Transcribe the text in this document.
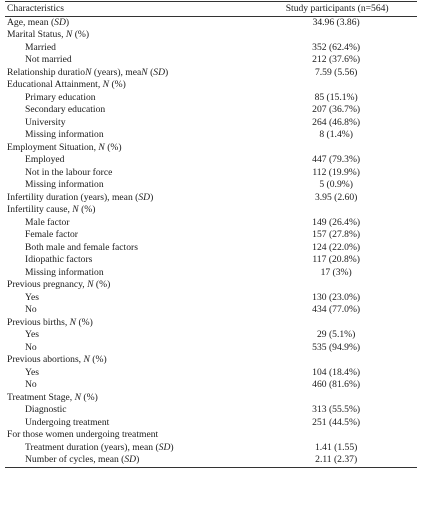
Characteristics	Study participants (n=564)
Age, mean (SD)	34.96 (3.86)
Marital Status, N (%)	
Married	352 (62.4%)
Not married	212 (37.6%)
Relationship duratioN (years), meaN (SD)	7.59 (5.56)
Educational Attainment, N (%)	
Primary education	85 (15.1%)
Secondary education	207 (36.7%)
University	264 (46.8%)
Missing information	8 (1.4%)
Employment Situation, N (%)	
Employed	447 (79.3%)
Not in the labour force	112 (19.9%)
Missing information	5 (0.9%)
Infertility duration (years), mean (SD)	3.95 (2.60)
Infertility cause, N (%)	
Male factor	149 (26.4%)
Female factor	157 (27.8%)
Both male and female factors	124 (22.0%)
Idiopathic factors	117 (20.8%)
Missing information	17 (3%)
Previous pregnancy, N (%)	
Yes	130 (23.0%)
No	434 (77.0%)
Previous births, N (%)	
Yes	29 (5.1%)
No	535 (94.9%)
Previous abortions, N (%)	
Yes	104 (18.4%)
No	460 (81.6%)
Treatment Stage, N (%)	
Diagnostic	313 (55.5%)
Undergoing treatment	251 (44.5%)
For those women undergoing treatment	
Treatment duration (years), mean (SD)	1.41 (1.55)
Number of cycles, mean (SD)	2.11 (2.37)
